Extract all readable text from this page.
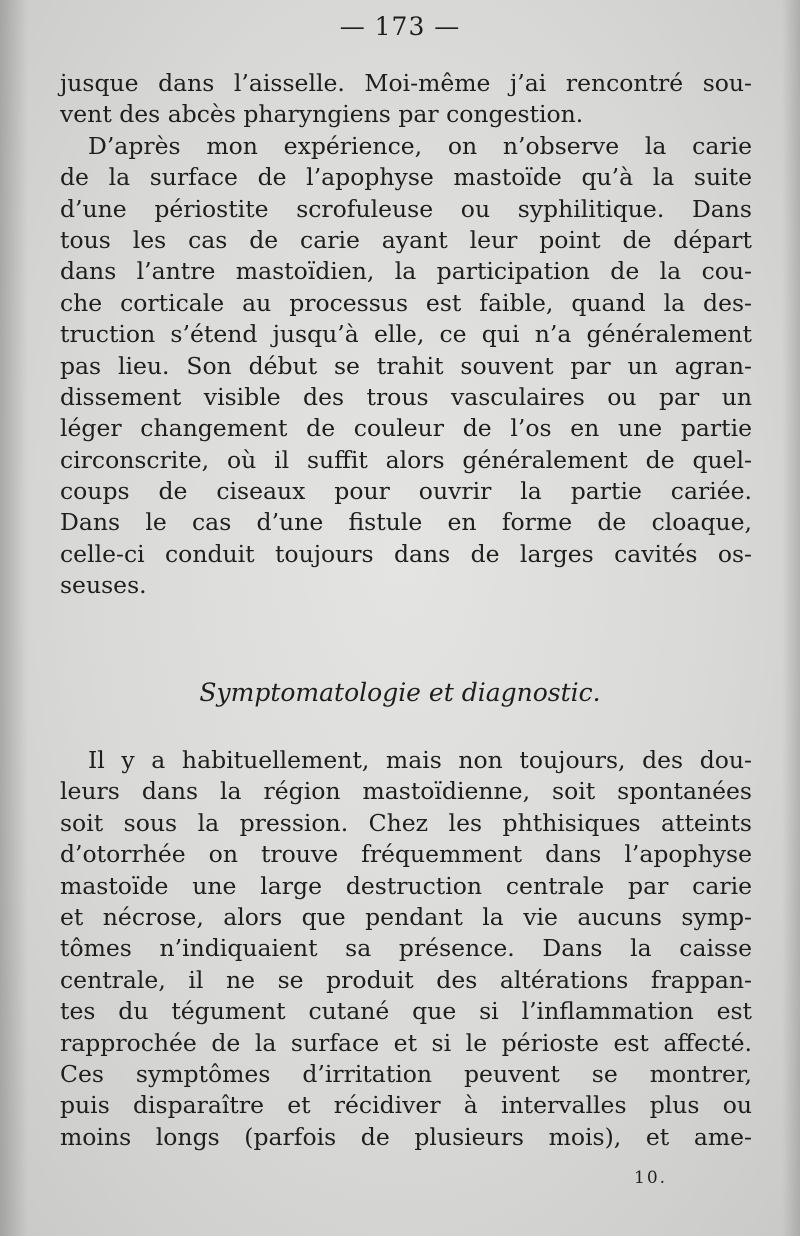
— 173 —
jusque dans l’aisselle. Moi-même j’ai rencontré sou-
vent des abcès pharyngiens par congestion.
D’après mon expérience, on n’observe la carie
de la surface de l’apophyse mastoïde qu’à la suite
d’une périostite scrofuleuse ou syphilitique. Dans
tous les cas de carie ayant leur point de départ
dans l’antre mastoïdien, la participation de la cou-
che corticale au processus est faible, quand la des-
truction s’étend jusqu’à elle, ce qui n’a généralement
pas lieu. Son début se trahit souvent par un agran-
dissement visible des trous vasculaires ou par un
léger changement de couleur de l’os en une partie
circonscrite, où il suffit alors généralement de quel-
coups de ciseaux pour ouvrir la partie cariée.
Dans le cas d’une fistule en forme de cloaque,
celle-ci conduit toujours dans de larges cavités os-
seuses.
Symptomatologie et diagnostic.
Il y a habituellement, mais non toujours, des dou-
leurs dans la région mastoïdienne, soit spontanées
soit sous la pression. Chez les phthisiques atteints
d’otorrhée on trouve fréquemment dans l’apophyse
mastoïde une large destruction centrale par carie
et nécrose, alors que pendant la vie aucuns symp-
tômes n’indiquaient sa présence. Dans la caisse
centrale, il ne se produit des altérations frappan-
tes du tégument cutané que si l’inflammation est
rapprochée de la surface et si le périoste est affecté.
Ces symptômes d’irritation peuvent se montrer,
puis disparaître et récidiver à intervalles plus ou
moins longs (parfois de plusieurs mois), et ame-
10.
